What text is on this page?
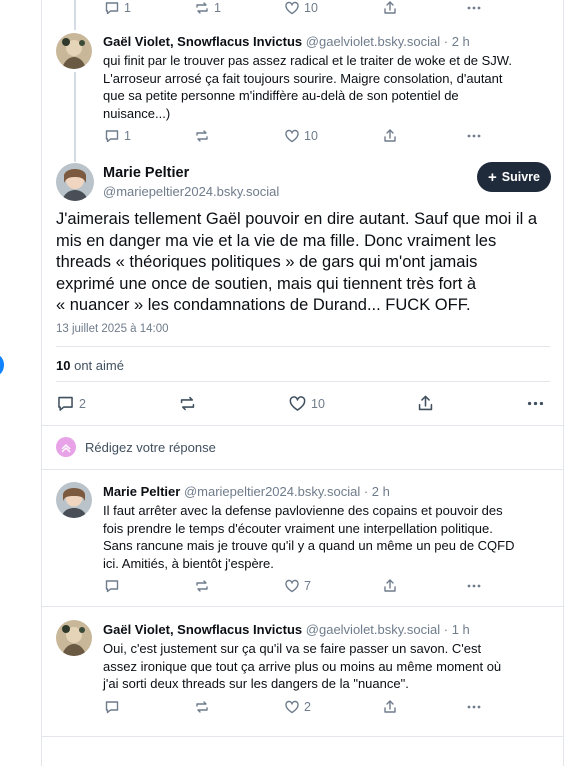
1	1	10
Gaël Violet, Snowflacus Invictus @gaelviolet.bsky.social · 2 h
qui finit par le trouver pas assez radical et le traiter de woke et de SJW.
L'arroseur arrosé ça fait toujours sourire. Maigre consolation, d'autant
que sa petite personne m'indiffère au-delà de son potentiel de
nuisance...)
1	10
Marie Peltier
@mariepeltier2024.bsky.social
+ Suivre
J'aimerais tellement Gaël pouvoir en dire autant. Sauf que moi il a
mis en danger ma vie et la vie de ma fille. Donc vraiment les
threads « théoriques politiques » de gars qui m'ont jamais
exprimé une once de soutien, mais qui tiennent très fort à
« nuancer » les condamnations de Durand... FUCK OFF.
13 juillet 2025 à 14:00
10 ont aimé
2	10
Rédigez votre réponse
Marie Peltier @mariepeltier2024.bsky.social · 2 h
Il faut arrêter avec la defense pavlovienne des copains et pouvoir des
fois prendre le temps d'écouter vraiment une interpellation politique.
Sans rancune mais je trouve qu'il y a quand un même un peu de CQFD
ici. Amitiés, à bientôt j'espère.
7
Gaël Violet, Snowflacus Invictus @gaelviolet.bsky.social · 1 h
Oui, c'est justement sur ça qu'il va se faire passer un savon. C'est
assez ironique que tout ça arrive plus ou moins au même moment où
j'ai sorti deux threads sur les dangers de la "nuance".
2
